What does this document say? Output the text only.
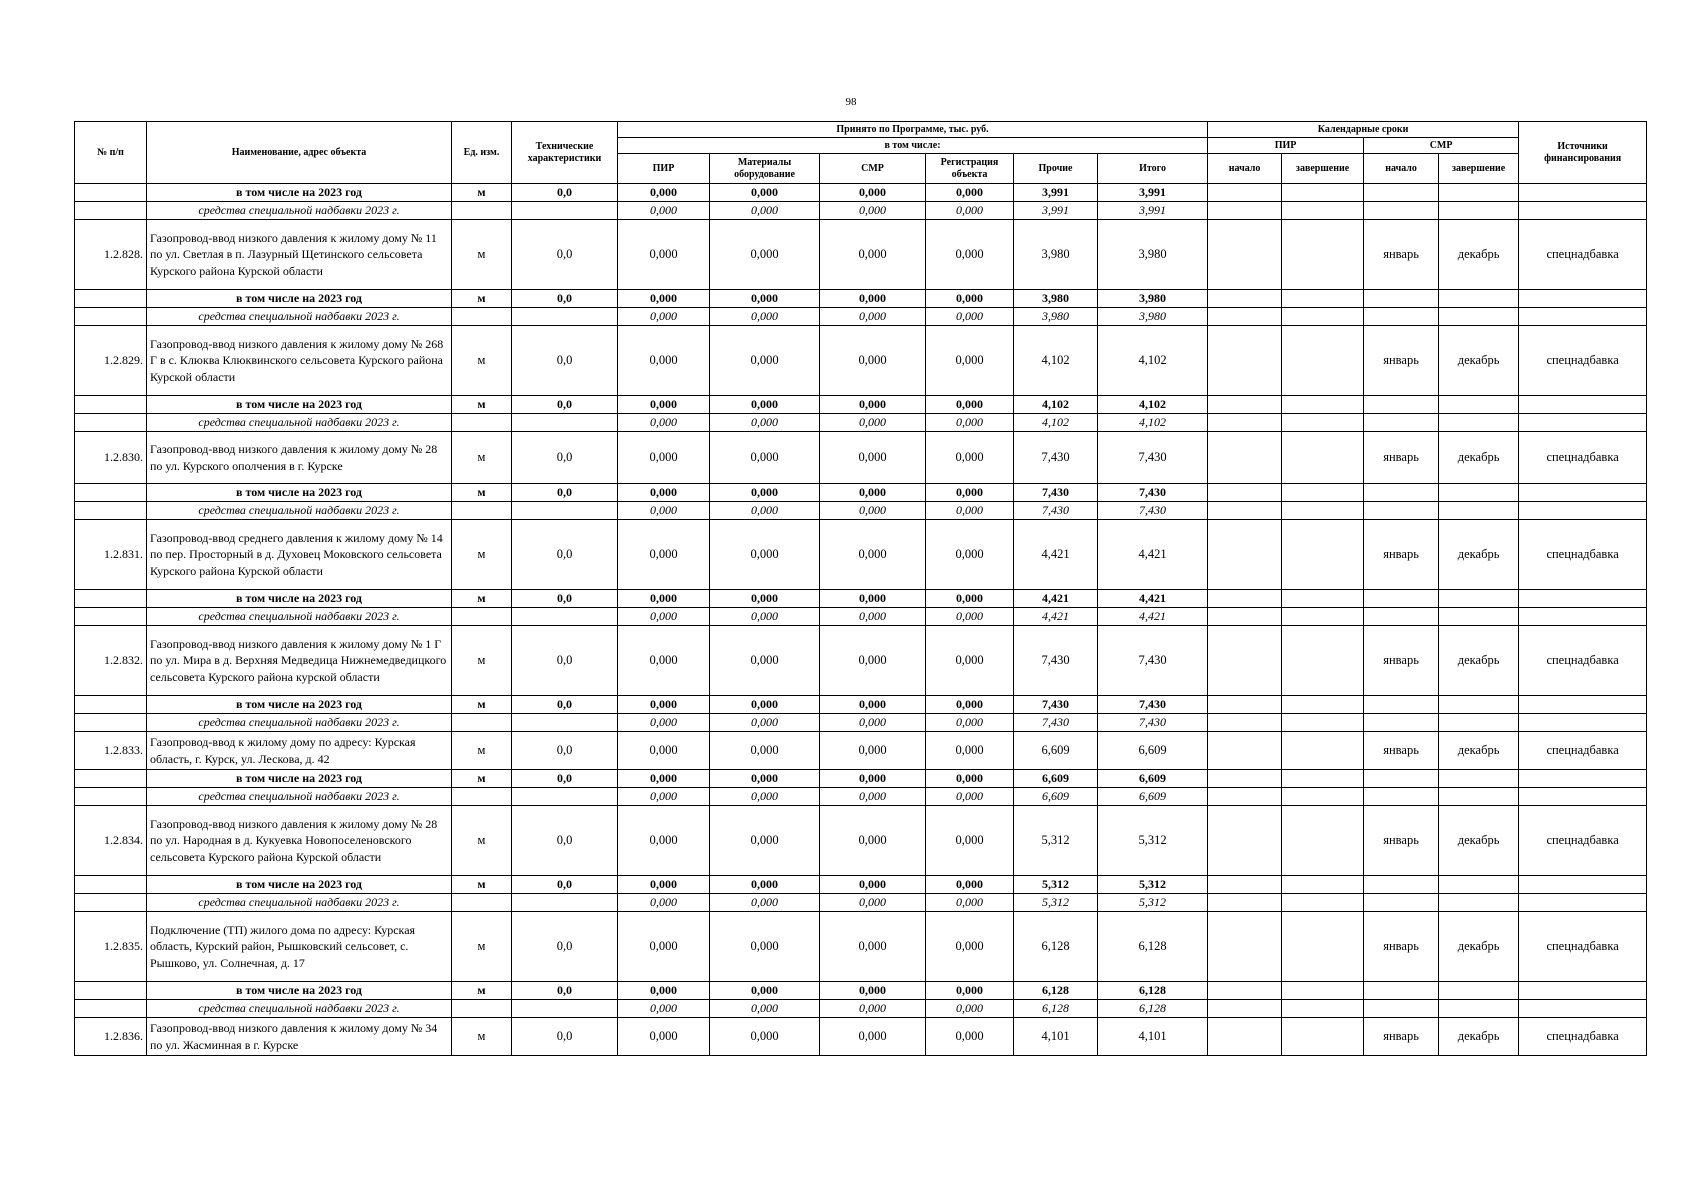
98
№ п/п	Наименование, адрес объекта	Ед. изм.	Технические характеристики	Принято по Программе, тыс. руб.						Календарные сроки				Источники финансирования
				в том числе:						ПИР		СМР		
				ПИР	Материалы оборудование	СМР	Регистрация объекта	Прочие	Итого	начало	завершение	начало	завершение	
	в том числе на 2023 год	м	0,0	0,000	0,000	0,000	0,000	3,991	3,991					
	средства специальной надбавки 2023 г.			0,000	0,000	0,000	0,000	3,991	3,991					
1.2.828.	Газопровод-ввод низкого давления к жилому дому № 11 по ул. Светлая в п. Лазурный Щетинского сельсовета Курского района Курской области	м	0,0	0,000	0,000	0,000	0,000	3,980	3,980			январь	декабрь	спецнадбавка
	в том числе на 2023 год	м	0,0	0,000	0,000	0,000	0,000	3,980	3,980					
	средства специальной надбавки 2023 г.			0,000	0,000	0,000	0,000	3,980	3,980					
1.2.829.	Газопровод-ввод низкого давления к жилому дому № 268 Г в с. Клюква Клюквинского сельсовета Курского района Курской области	м	0,0	0,000	0,000	0,000	0,000	4,102	4,102			январь	декабрь	спецнадбавка
	в том числе на 2023 год	м	0,0	0,000	0,000	0,000	0,000	4,102	4,102					
	средства специальной надбавки 2023 г.			0,000	0,000	0,000	0,000	4,102	4,102					
1.2.830.	Газопровод-ввод низкого давления к жилому дому № 28 по ул. Курского ополчения в г. Курске	м	0,0	0,000	0,000	0,000	0,000	7,430	7,430			январь	декабрь	спецнадбавка
	в том числе на 2023 год	м	0,0	0,000	0,000	0,000	0,000	7,430	7,430					
	средства специальной надбавки 2023 г.			0,000	0,000	0,000	0,000	7,430	7,430					
1.2.831.	Газопровод-ввод среднего давления к жилому дому № 14 по пер. Просторный в д. Духовец Моковского сельсовета Курского района Курской области	м	0,0	0,000	0,000	0,000	0,000	4,421	4,421			январь	декабрь	спецнадбавка
	в том числе на 2023 год	м	0,0	0,000	0,000	0,000	0,000	4,421	4,421					
	средства специальной надбавки 2023 г.			0,000	0,000	0,000	0,000	4,421	4,421					
1.2.832.	Газопровод-ввод низкого давления к жилому дому № 1 Г по ул. Мира в д. Верхняя Медведица Нижнемедведицкого сельсовета Курского района курской области	м	0,0	0,000	0,000	0,000	0,000	7,430	7,430			январь	декабрь	спецнадбавка
	в том числе на 2023 год	м	0,0	0,000	0,000	0,000	0,000	7,430	7,430					
	средства специальной надбавки 2023 г.			0,000	0,000	0,000	0,000	7,430	7,430					
1.2.833.	Газопровод-ввод к жилому дому по адресу: Курская область, г. Курск, ул. Лескова, д. 42	м	0,0	0,000	0,000	0,000	0,000	6,609	6,609			январь	декабрь	спецнадбавка
	в том числе на 2023 год	м	0,0	0,000	0,000	0,000	0,000	6,609	6,609					
	средства специальной надбавки 2023 г.			0,000	0,000	0,000	0,000	6,609	6,609					
1.2.834.	Газопровод-ввод низкого давления к жилому дому № 28 по ул. Народная в д. Кукуевка Новопоселеновского сельсовета Курского района Курской области	м	0,0	0,000	0,000	0,000	0,000	5,312	5,312			январь	декабрь	спецнадбавка
	в том числе на 2023 год	м	0,0	0,000	0,000	0,000	0,000	5,312	5,312					
	средства специальной надбавки 2023 г.			0,000	0,000	0,000	0,000	5,312	5,312					
1.2.835.	Подключение (ТП) жилого дома по адресу: Курская область, Курский район, Рышковский сельсовет, с. Рышково, ул. Солнечная, д. 17	м	0,0	0,000	0,000	0,000	0,000	6,128	6,128			январь	декабрь	спецнадбавка
	в том числе на 2023 год	м	0,0	0,000	0,000	0,000	0,000	6,128	6,128					
	средства специальной надбавки 2023 г.			0,000	0,000	0,000	0,000	6,128	6,128					
1.2.836.	Газопровод-ввод низкого давления к жилому дому № 34 по ул. Жасминная в г. Курске	м	0,0	0,000	0,000	0,000	0,000	4,101	4,101			январь	декабрь	спецнадбавка
